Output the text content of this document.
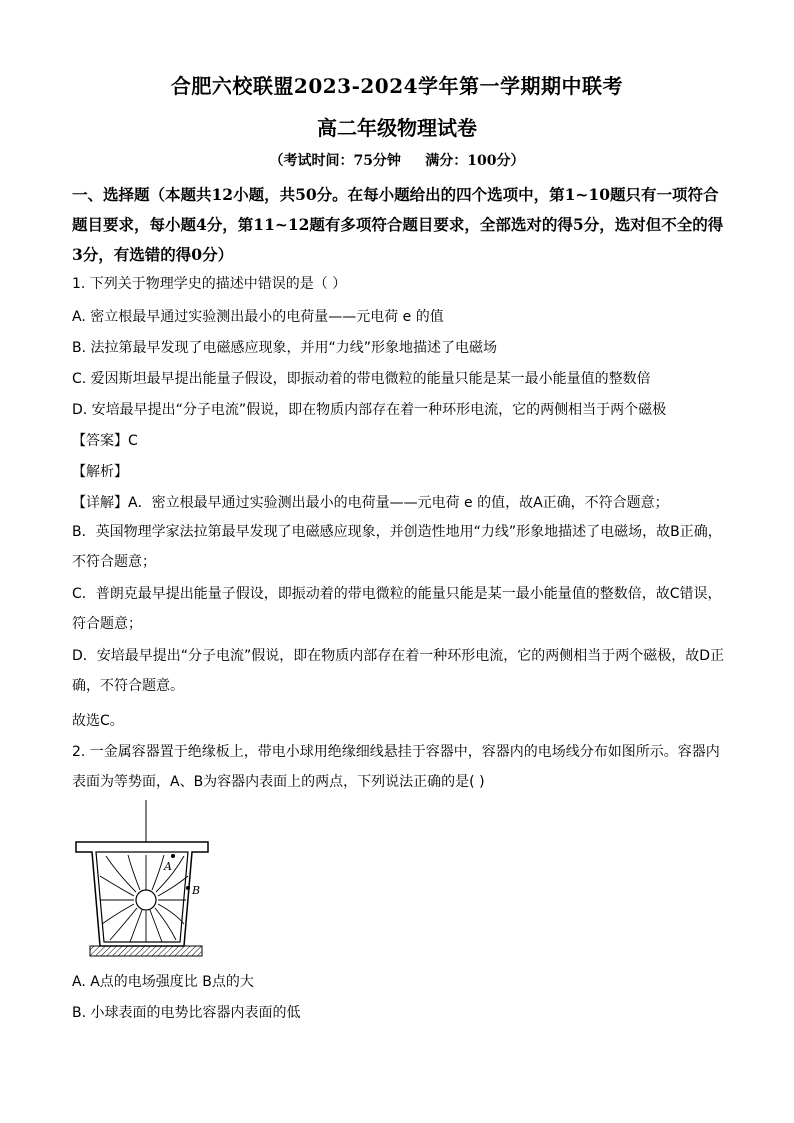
合肥六校联盟2023-2024学年第一学期期中联考
高二年级物理试卷
（考试时间：75分钟     满分：100分）
一、选择题（本题共12小题，共50分。在每小题给出的四个选项中，第1~10题只有一项符合题目要求，每小题4分，第11~12题有多项符合题目要求，全部选对的得5分，选对但不全的得3分，有选错的得0分）
1. 下列关于物理学史的描述中错误的是（ ）
A. 密立根最早通过实验测出最小的电荷量——元电荷 e 的值
B. 法拉第最早发现了电磁感应现象，并用“力线”形象地描述了电磁场
C. 爱因斯坦最早提出能量子假设，即振动着的带电微粒的能量只能是某一最小能量值的整数倍
D. 安培最早提出“分子电流”假说，即在物质内部存在着一种环形电流，它的两侧相当于两个磁极
【答案】C
【解析】
【详解】A．密立根最早通过实验测出最小的电荷量——元电荷 e 的值，故A正确，不符合题意；
B．英国物理学家法拉第最早发现了电磁感应现象，并创造性地用“力线”形象地描述了电磁场，故B正确，不符合题意；
C．普朗克最早提出能量子假设，即振动着的带电微粒的能量只能是某一最小能量值的整数倍，故C错误，符合题意；
D．安培最早提出“分子电流”假说，即在物质内部存在着一种环形电流，它的两侧相当于两个磁极，故D正确，不符合题意。
故选C。
2. 一金属容器置于绝缘板上，带电小球用绝缘细线悬挂于容器中，容器内的电场线分布如图所示。容器内表面为等势面，A、B为容器内表面上的两点，下列说法正确的是( )
A
B
A. A点的电场强度比 B点的大
B. 小球表面的电势比容器内表面的低
